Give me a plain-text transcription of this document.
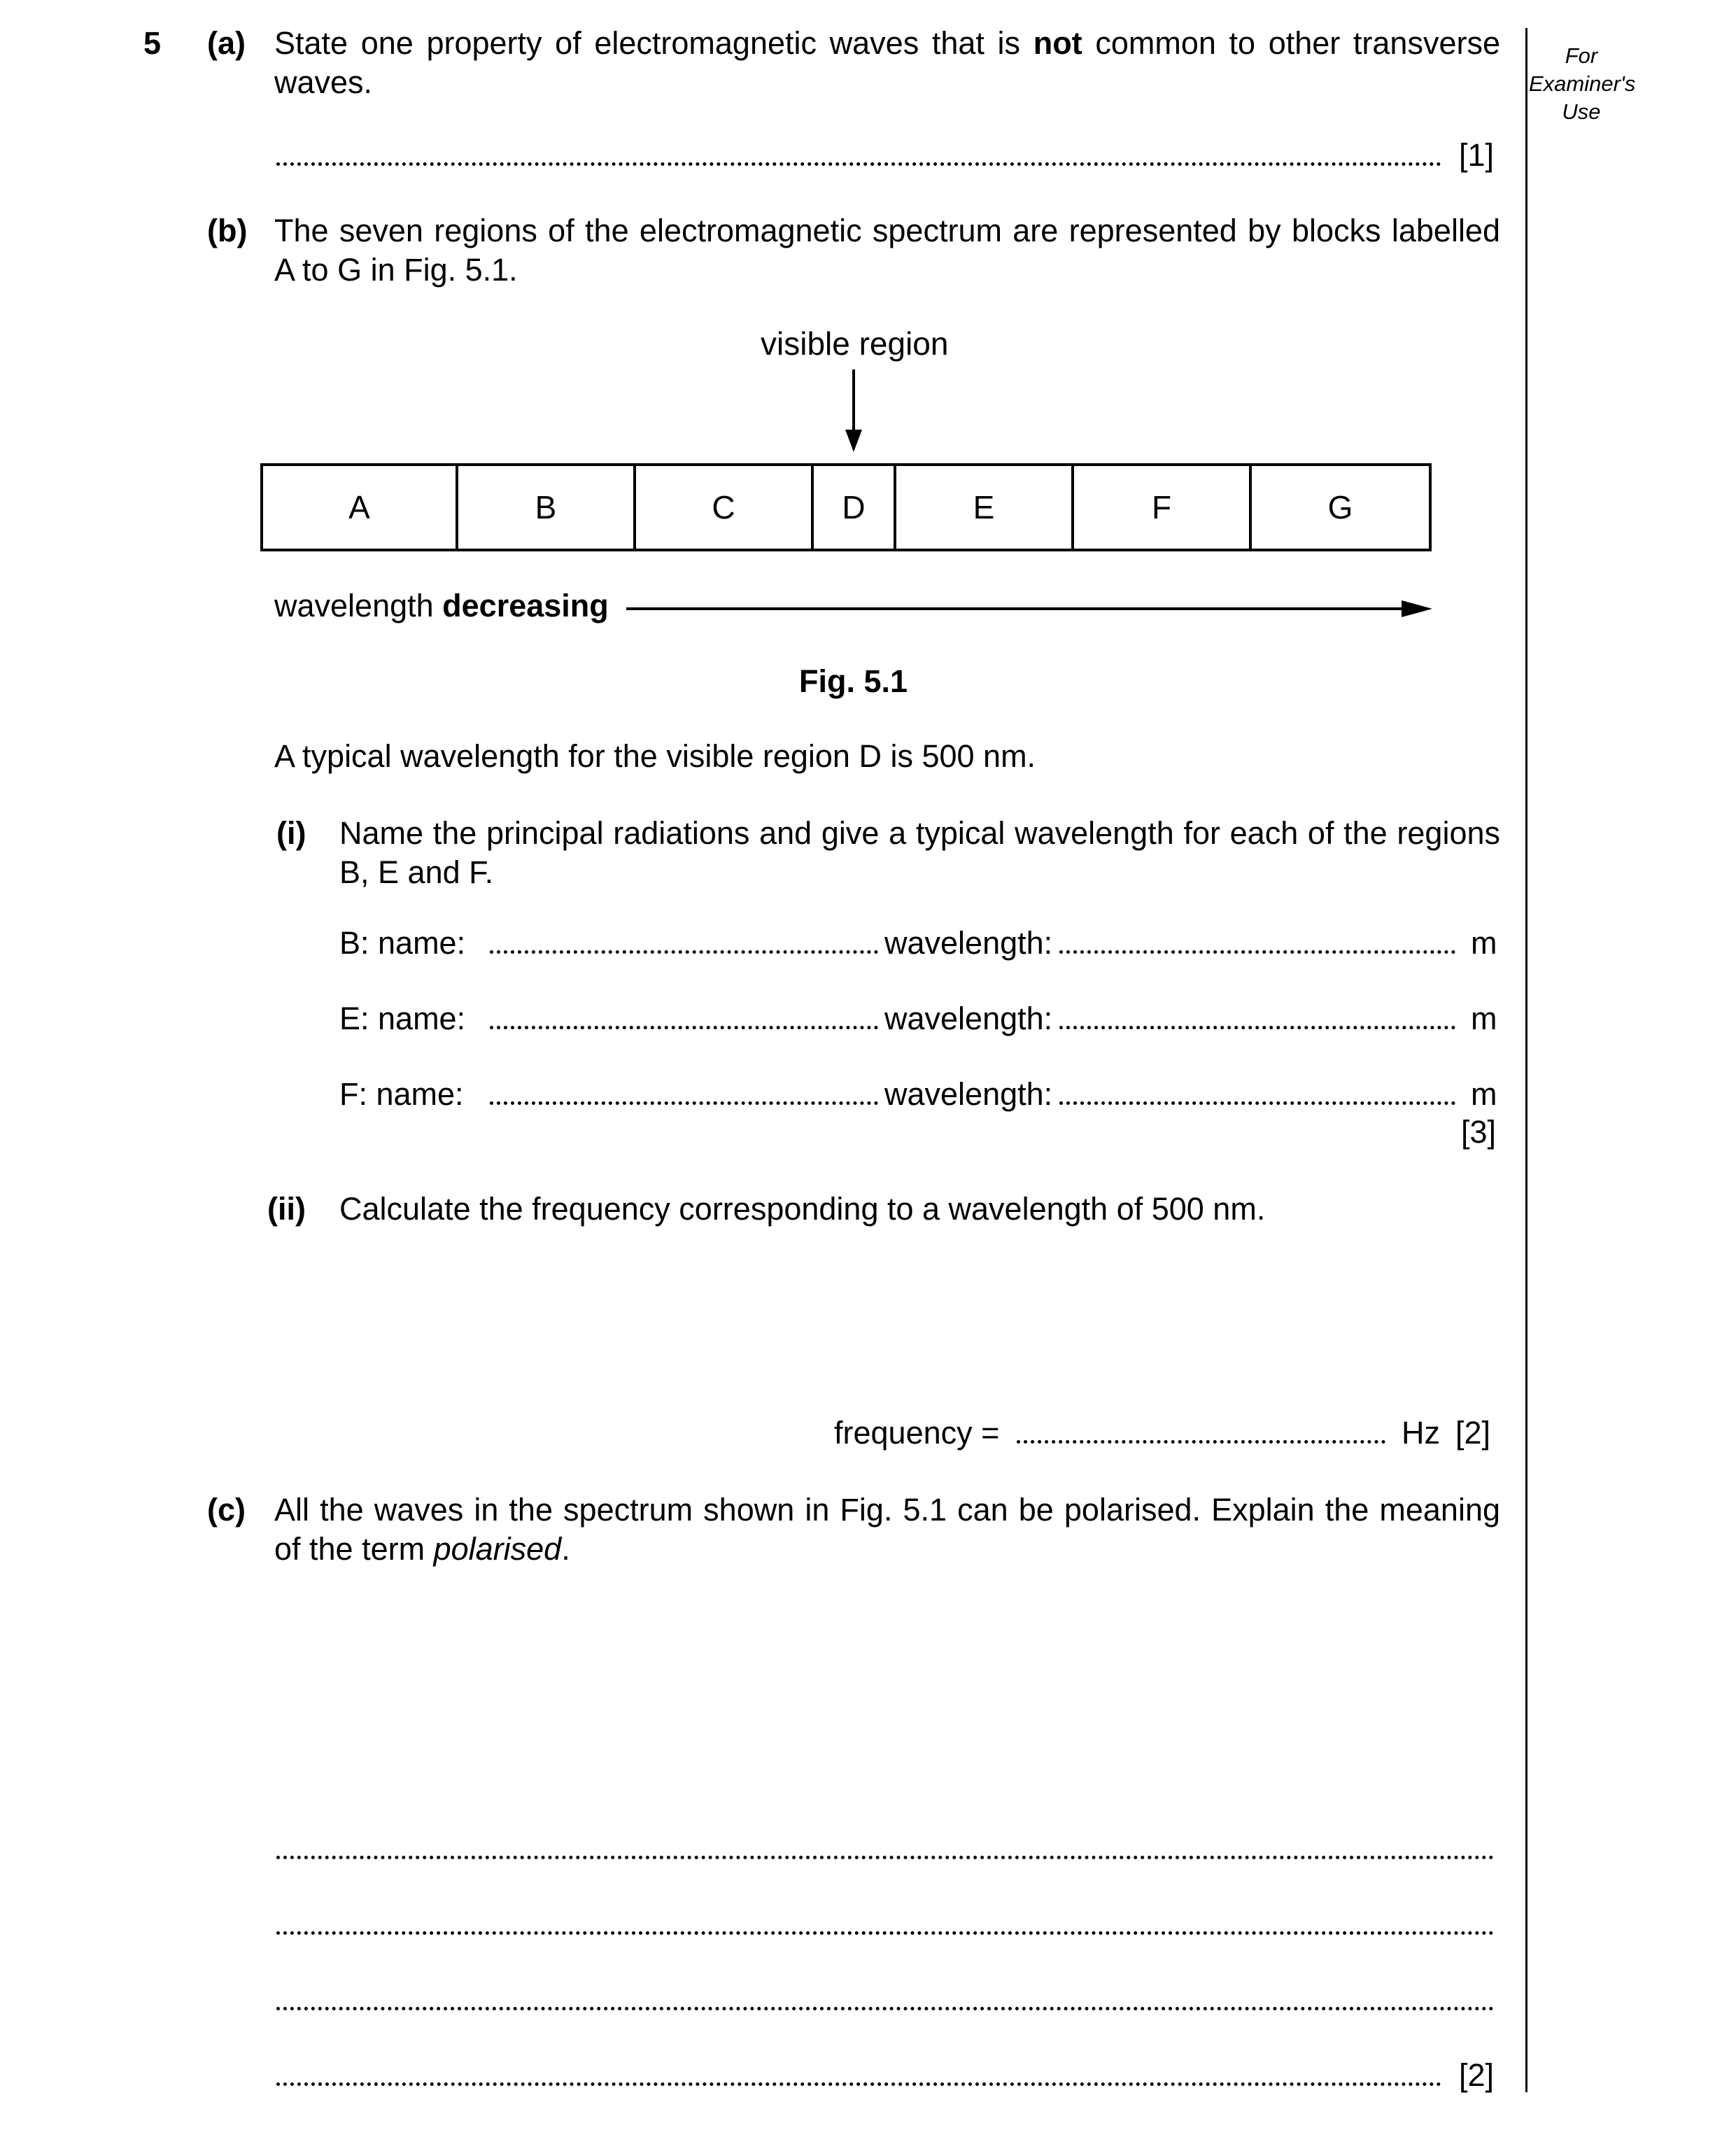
For
Examiner's
Use
5 (a) State one property of electromagnetic waves that is not common to other transverse waves.
[1]
(b) The seven regions of the electromagnetic spectrum are represented by blocks labelled A to G in Fig. 5.1.
visible region
A	B	C	D	E	F	G
wavelength decreasing
Fig. 5.1
A typical wavelength for the visible region D is 500 nm.
(i) Name the principal radiations and give a typical wavelength for each of the regions B, E and F.
B: name:	wavelength:	m
E: name:	wavelength:	m
F: name:	wavelength:	m
[3]
(ii) Calculate the frequency corresponding to a wavelength of 500 nm.
frequency =	Hz [2]
(c) All the waves in the spectrum shown in Fig. 5.1 can be polarised. Explain the meaning of the term polarised.
[2]
